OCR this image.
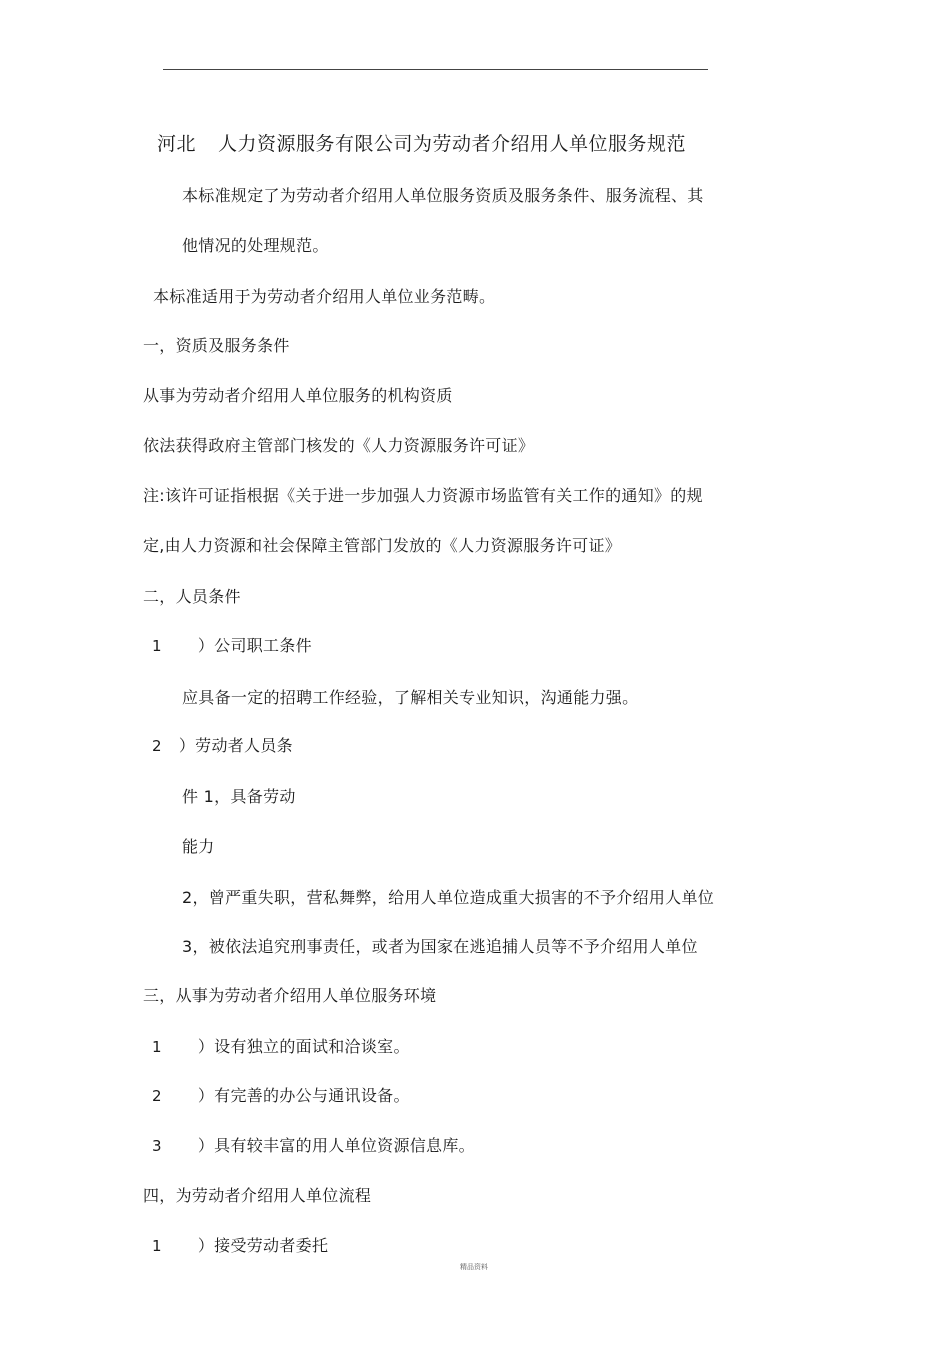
河北 人力资源服务有限公司为劳动者介绍用人单位服务规范
本标准规定了为劳动者介绍用人单位服务资质及服务条件、服务流程、其
他情况的处理规范。
本标准适用于为劳动者介绍用人单位业务范畴。
一，资质及服务条件
从事为劳动者介绍用人单位服务的机构资质
依法获得政府主管部门核发的《人力资源服务许可证》
注:该许可证指根据《关于进一步加强人力资源市场监管有关工作的通知》的规
定,由人力资源和社会保障主管部门发放的《人力资源服务许可证》
二，人员条件
1 ）公司职工条件
应具备一定的招聘工作经验，了解相关专业知识，沟通能力强。
2 ）劳动者人员条
件 1，具备劳动
能力
2，曾严重失职，营私舞弊，给用人单位造成重大损害的不予介绍用人单位
3，被依法追究刑事责任，或者为国家在逃追捕人员等不予介绍用人单位
三，从事为劳动者介绍用人单位服务环境
1 ）设有独立的面试和洽谈室。
2 ）有完善的办公与通讯设备。
3 ）具有较丰富的用人单位资源信息库。
四，为劳动者介绍用人单位流程
1 ）接受劳动者委托
精品资料
